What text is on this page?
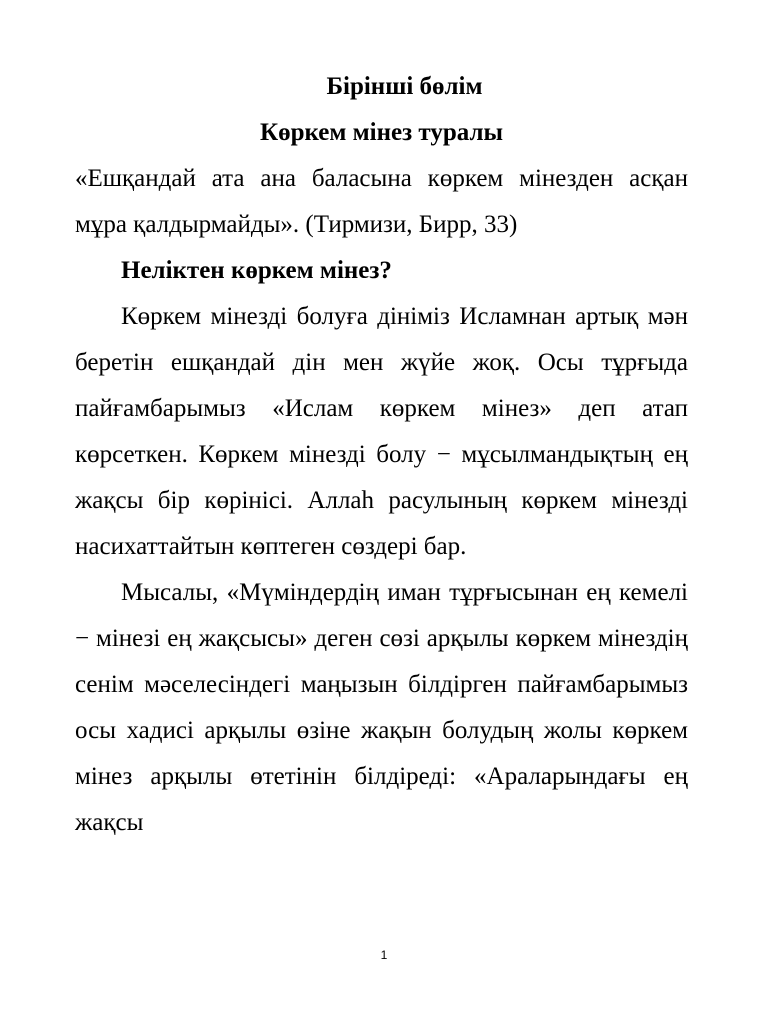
Бірінші бөлім

Көркем мінез туралы

«Ешқандай ата ана баласына көркем мінезден асқан мұра қалдырмайды». (Тирмизи, Бирр, 33)

Неліктен көркем мінез?

Көркем мінезді болуға дініміз Исламнан артық мән беретін ешқандай дін мен жүйе жоқ. Осы тұрғыда пайғамбарымыз «Ислам көркем мінез» деп атап көрсеткен. Көркем мінезді болу − мұсылмандықтың ең жақсы бір көрінісі. Аллаһ расулының көркем мінезді насихаттайтын көптеген сөздері бар.

Мысалы, «Мүміндердің иман тұрғысынан ең кемелі − мінезі ең жақсысы» деген сөзі арқылы көркем мінездің сенім мәселесіндегі маңызын білдірген пайғамбарымыз осы хадисі арқылы өзіне жақын болудың жолы көркем мінез арқылы өтетінін білдіреді: «Араларындағы ең жақсы

1
